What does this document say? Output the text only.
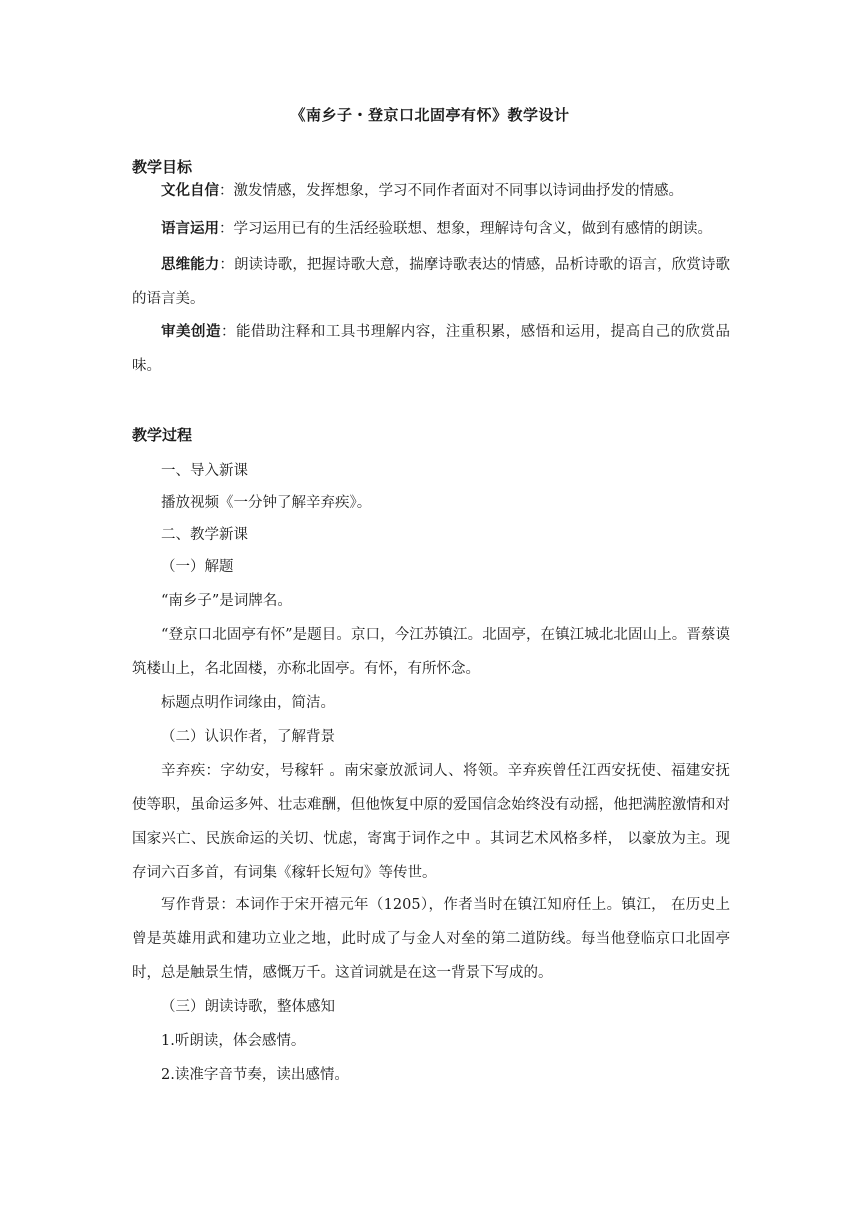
《南乡子・登京口北固亭有怀》教学设计
教学目标

文化自信：激发情感，发挥想象，学习不同作者面对不同事以诗词曲抒发的情感。

语言运用：学习运用已有的生活经验联想、想象，理解诗句含义，做到有感情的朗读。

思维能力：朗读诗歌，把握诗歌大意，揣摩诗歌表达的情感，品析诗歌的语言，欣赏诗歌的语言美。

审美创造：能借助注释和工具书理解内容，注重积累，感悟和运用，提高自己的欣赏品味。

教学过程

一、导入新课

播放视频《一分钟了解辛弃疾》。

二、教学新课

（一）解题

“南乡子”是词牌名。

“登京口北固亭有怀”是题目。京口，今江苏镇江。北固亭，在镇江城北北固山上。晋蔡谟筑楼山上，名北固楼，亦称北固亭。有怀，有所怀念。

标题点明作词缘由，简洁。

（二）认识作者，了解背景

辛弃疾：字幼安，号稼轩 。南宋豪放派词人、将领。辛弃疾曾任江西安抚使、福建安抚使等职，虽命运多舛、壮志难酬，但他恢复中原的爱国信念始终没有动摇，他把满腔激情和对国家兴亡、民族命运的关切、忧虑，寄寓于词作之中 。其词艺术风格多样， 以豪放为主。现存词六百多首，有词集《稼轩长短句》等传世。

写作背景：本词作于宋开禧元年（1205），作者当时在镇江知府任上。镇江， 在历史上曾是英雄用武和建功立业之地，此时成了与金人对垒的第二道防线。每当他登临京口北固亭时，总是触景生情，感慨万千。这首词就是在这一背景下写成的。

（三）朗读诗歌，整体感知

1.听朗读，体会感情。

2.读准字音节奏，读出感情。
